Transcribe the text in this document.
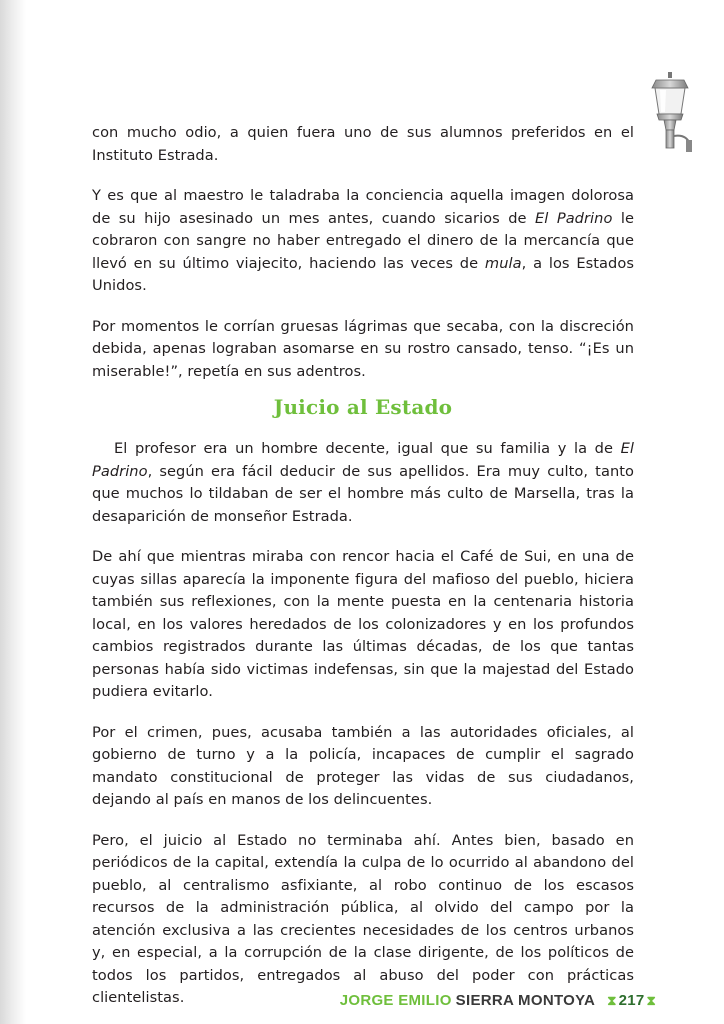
con mucho odio, a quien fuera uno de sus alumnos preferidos en el Instituto Estrada.

Y es que al maestro le taladraba la conciencia aquella imagen dolorosa de su hijo asesinado un mes antes, cuando sicarios de El Padrino le cobraron con sangre no haber entregado el dinero de la mercancía que llevó en su último viajecito, haciendo las veces de mula, a los Estados Unidos.

Por momentos le corrían gruesas lágrimas que secaba, con la discreción debida, apenas lograban asomarse en su rostro cansado, tenso. “¡Es un miserable!”, repetía en sus adentros.

Juicio al Estado

El profesor era un hombre decente, igual que su familia y la de El Padrino, según era fácil deducir de sus apellidos. Era muy culto, tanto que muchos lo tildaban de ser el hombre más culto de Marsella, tras la desaparición de monseñor Estrada.

De ahí que mientras miraba con rencor hacia el Café de Sui, en una de cuyas sillas aparecía la imponente figura del mafioso del pueblo, hiciera también sus reflexiones, con la mente puesta en la centenaria historia local, en los valores heredados de los colonizadores y en los profundos cambios registrados durante las últimas décadas, de los que tantas personas había sido victimas indefensas, sin que la majestad del Estado pudiera evitarlo.

Por el crimen, pues, acusaba también a las autoridades oficiales, al gobierno de turno y a la policía, incapaces de cumplir el sagrado mandato constitucional de proteger las vidas de sus ciudadanos, dejando al país en manos de los delincuentes.

Pero, el juicio al Estado no terminaba ahí. Antes bien, basado en periódicos de la capital, extendía la culpa de lo ocurrido al abandono del pueblo, al centralismo asfixiante, al robo continuo de los escasos recursos de la administración pública, al olvido del campo por la atención exclusiva a las crecientes necesidades de los centros urbanos y, en especial, a la corrupción de la clase dirigente, de los políticos de todos los partidos, entregados al abuso del poder con prácticas clientelistas.	JORGE EMILIO SIERRA MONTOYA ⧗ 217 ⧗
